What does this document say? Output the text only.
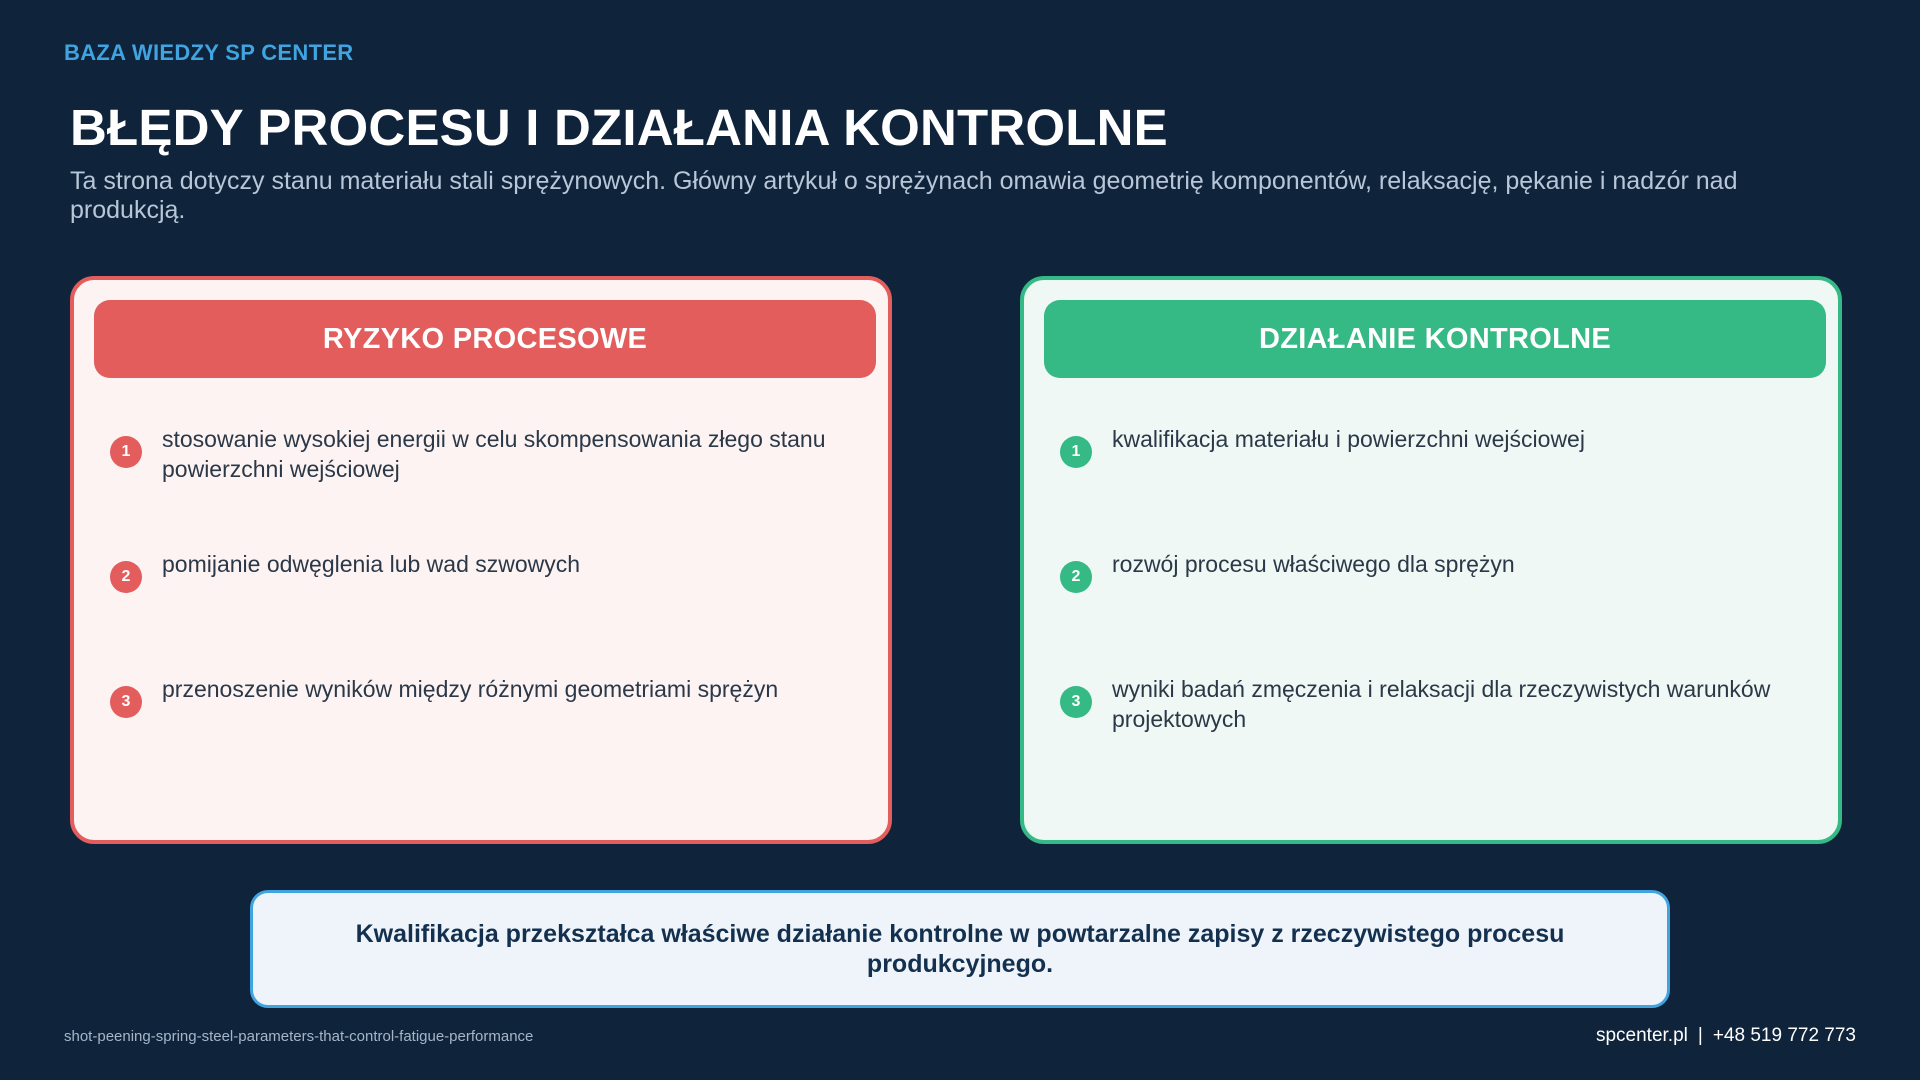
BAZA WIEDZY SP CENTER
BŁĘDY PROCESU I DZIAŁANIA KONTROLNE

Ta strona dotyczy stanu materiału stali sprężynowych. Główny artykuł o sprężynach omawia geometrię komponentów, relaksację, pękanie i nadzór nad produkcją.

RYZYKO PROCESOWE
1	stosowanie wysokiej energii w celu skompensowania złego stanu powierzchni wejściowej
2	pomijanie odwęglenia lub wad szwowych
3	przenoszenie wyników między różnymi geometriami sprężyn
DZIAŁANIE KONTROLNE
1	kwalifikacja materiału i powierzchni wejściowej
2	rozwój procesu właściwego dla sprężyn
3	wyniki badań zmęczenia i relaksacji dla rzeczywistych warunków projektowych
Kwalifikacja przekształca właściwe działanie kontrolne w powtarzalne zapisy z rzeczywistego procesu produkcyjnego.
shot-peening-spring-steel-parameters-that-control-fatigue-performance	spcenter.pl | +48 519 772 773
